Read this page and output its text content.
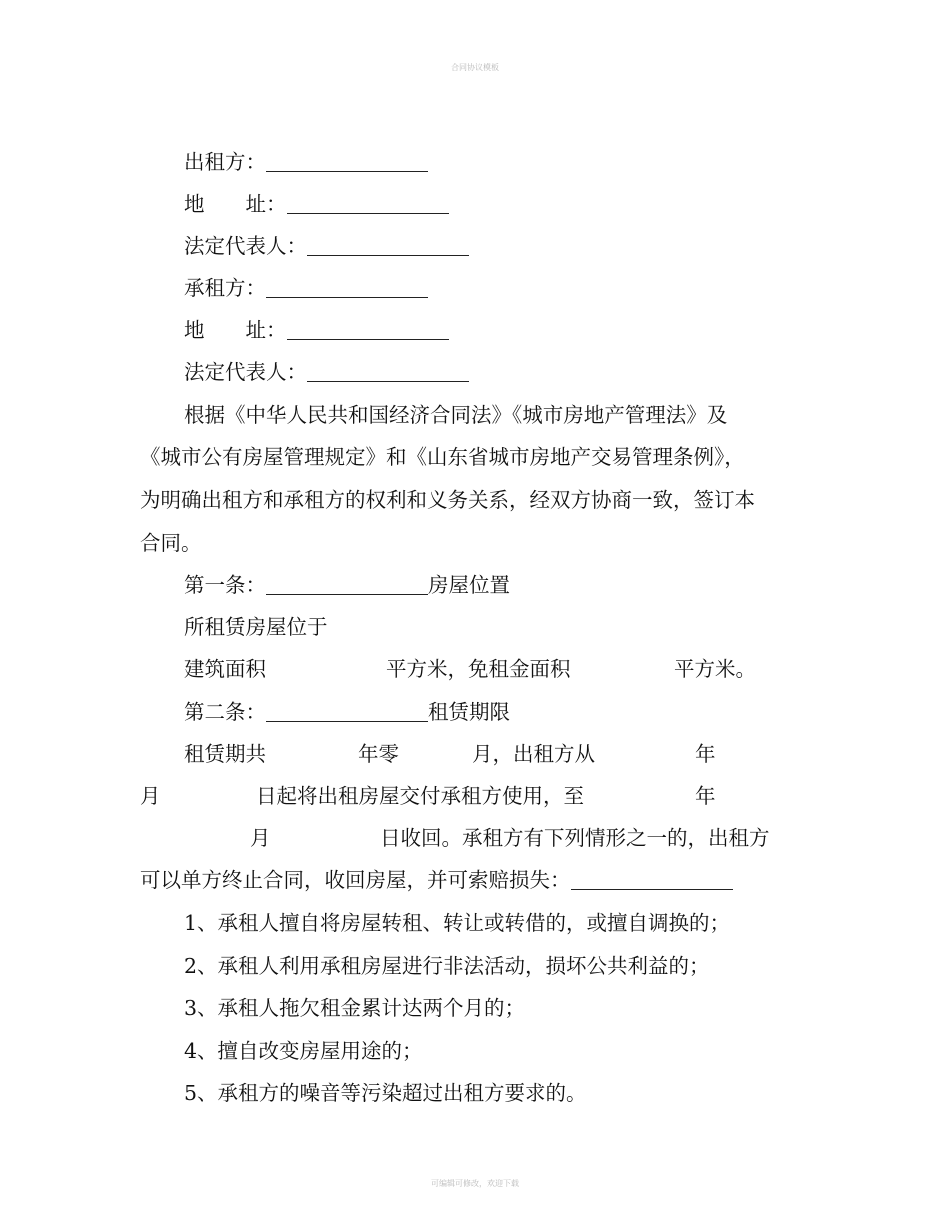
合同协议模板
出租方：
地　　址：
法定代表人：
承租方：
地　　址：
法定代表人：
根据《中华人民共和国经济合同法》《城市房地产管理法》及
《城市公有房屋管理规定》和《山东省城市房地产交易管理条例》，
为明确出租方和承租方的权利和义务关系，经双方协商一致，签订本
合同。
第一条：	房屋位置
所租赁房屋位于
建筑面积	平方米，免租金面积	平方米。
第二条：	租赁期限
租赁期共	年零	月，出租方从	年
月	日起将出租房屋交付承租方使用，至	年
月	日收回。承租方有下列情形之一的，出租方
可以单方终止合同，收回房屋，并可索赔损失：
1、承租人擅自将房屋转租、转让或转借的，或擅自调换的；
2、承租人利用承租房屋进行非法活动，损坏公共利益的；
3、承租人拖欠租金累计达两个月的；
4、擅自改变房屋用途的；
5、承租方的噪音等污染超过出租方要求的。
可编辑可修改，欢迎下载
